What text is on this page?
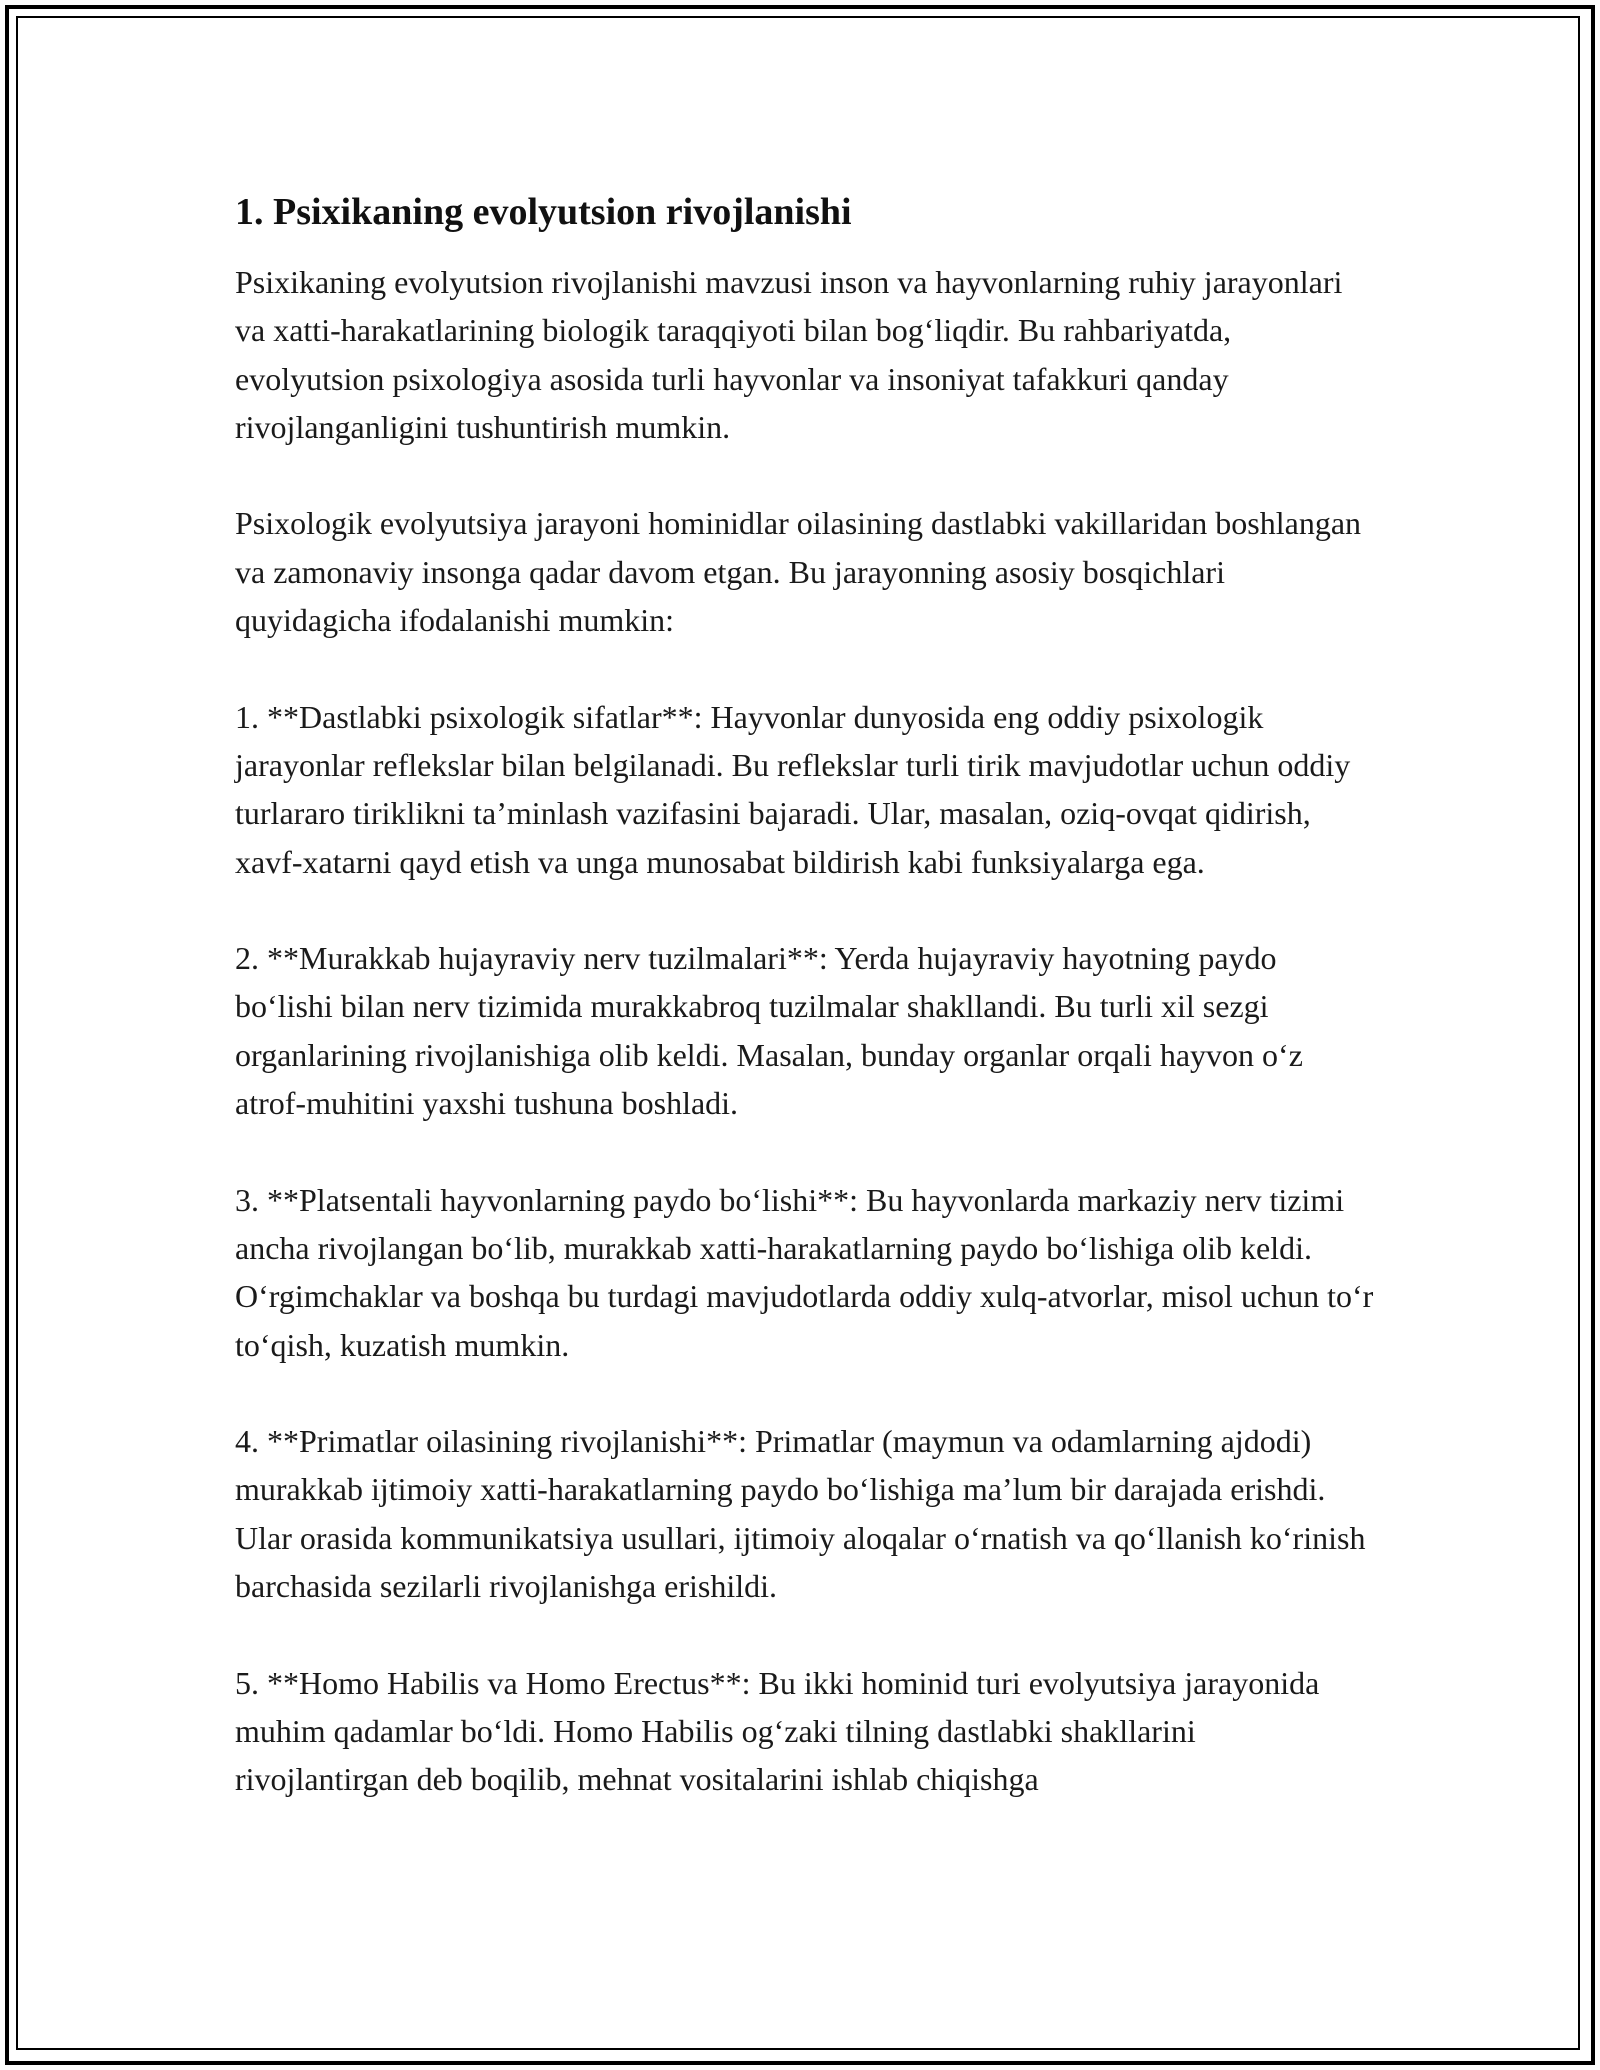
1. Psixikaning evolyutsion rivojlanishi

Psixikaning evolyutsion rivojlanishi mavzusi inson va hayvonlarning ruhiy jarayonlari va xatti-harakatlarining biologik taraqqiyoti bilan bog‘liqdir. Bu rahbariyatda, evolyutsion psixologiya asosida turli hayvonlar va insoniyat tafakkuri qanday rivojlanganligini tushuntirish mumkin.

Psixologik evolyutsiya jarayoni hominidlar oilasining dastlabki vakillaridan boshlangan va zamonaviy insonga qadar davom etgan. Bu jarayonning asosiy bosqichlari quyidagicha ifodalanishi mumkin:

1. **Dastlabki psixologik sifatlar**: Hayvonlar dunyosida eng oddiy psixologik jarayonlar reflekslar bilan belgilanadi. Bu reflekslar turli tirik mavjudotlar uchun oddiy turlararo tiriklikni ta’minlash vazifasini bajaradi. Ular, masalan, oziq-ovqat qidirish, xavf-xatarni qayd etish va unga munosabat bildirish kabi funksiyalarga ega.

2. **Murakkab hujayraviy nerv tuzilmalari**: Yerda hujayraviy hayotning paydo bo‘lishi bilan nerv tizimida murakkabroq tuzilmalar shakllandi. Bu turli xil sezgi organlarining rivojlanishiga olib keldi. Masalan, bunday organlar orqali hayvon o‘z atrof-muhitini yaxshi tushuna boshladi.

3. **Platsentali hayvonlarning paydo bo‘lishi**: Bu hayvonlarda markaziy nerv tizimi ancha rivojlangan bo‘lib, murakkab xatti-harakatlarning paydo bo‘lishiga olib keldi. O‘rgimchaklar va boshqa bu turdagi mavjudotlarda oddiy xulq-atvorlar, misol uchun to‘r to‘qish, kuzatish mumkin.

4. **Primatlar oilasining rivojlanishi**: Primatlar (maymun va odamlarning ajdodi) murakkab ijtimoiy xatti-harakatlarning paydo bo‘lishiga ma’lum bir darajada erishdi. Ular orasida kommunikatsiya usullari, ijtimoiy aloqalar o‘rnatish va qo‘llanish ko‘rinish barchasida sezilarli rivojlanishga erishildi.

5. **Homo Habilis va Homo Erectus**: Bu ikki hominid turi evolyutsiya jarayonida muhim qadamlar bo‘ldi. Homo Habilis og‘zaki tilning dastlabki shakllarini rivojlantirgan deb boqilib, mehnat vositalarini ishlab chiqishga
